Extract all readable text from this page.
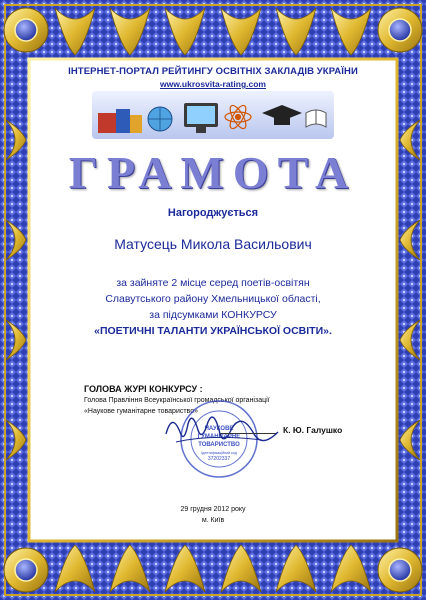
ІНТЕРНЕТ-ПОРТАЛ РЕЙТИНГУ ОСВІТНІХ ЗАКЛАДІВ УКРАЇНИ
www.ukrosvita-rating.com
ГРАМОТА
Нагороджується
Матусець Микола Васильович
за зайняте 2 місце серед поетів-освітян
Славутського району Хмельницької області,
за підсумками КОНКУРСУ
«ПОЕТИЧНІ ТАЛАНТИ УКРАЇНСЬКОЇ ОСВІТИ».
ГОЛОВА ЖУРІ КОНКУРСУ :
Голова Правління Всеукраїнської громадської організації
«Наукове гуманітарне товариство»
НАУКОВЕ
ГУМАНІТАРНЕ
ТОВАРИСТВО
Ідентифікаційний код
37202337
К. Ю. Галушко
29 грудня 2012 року
м. Київ
